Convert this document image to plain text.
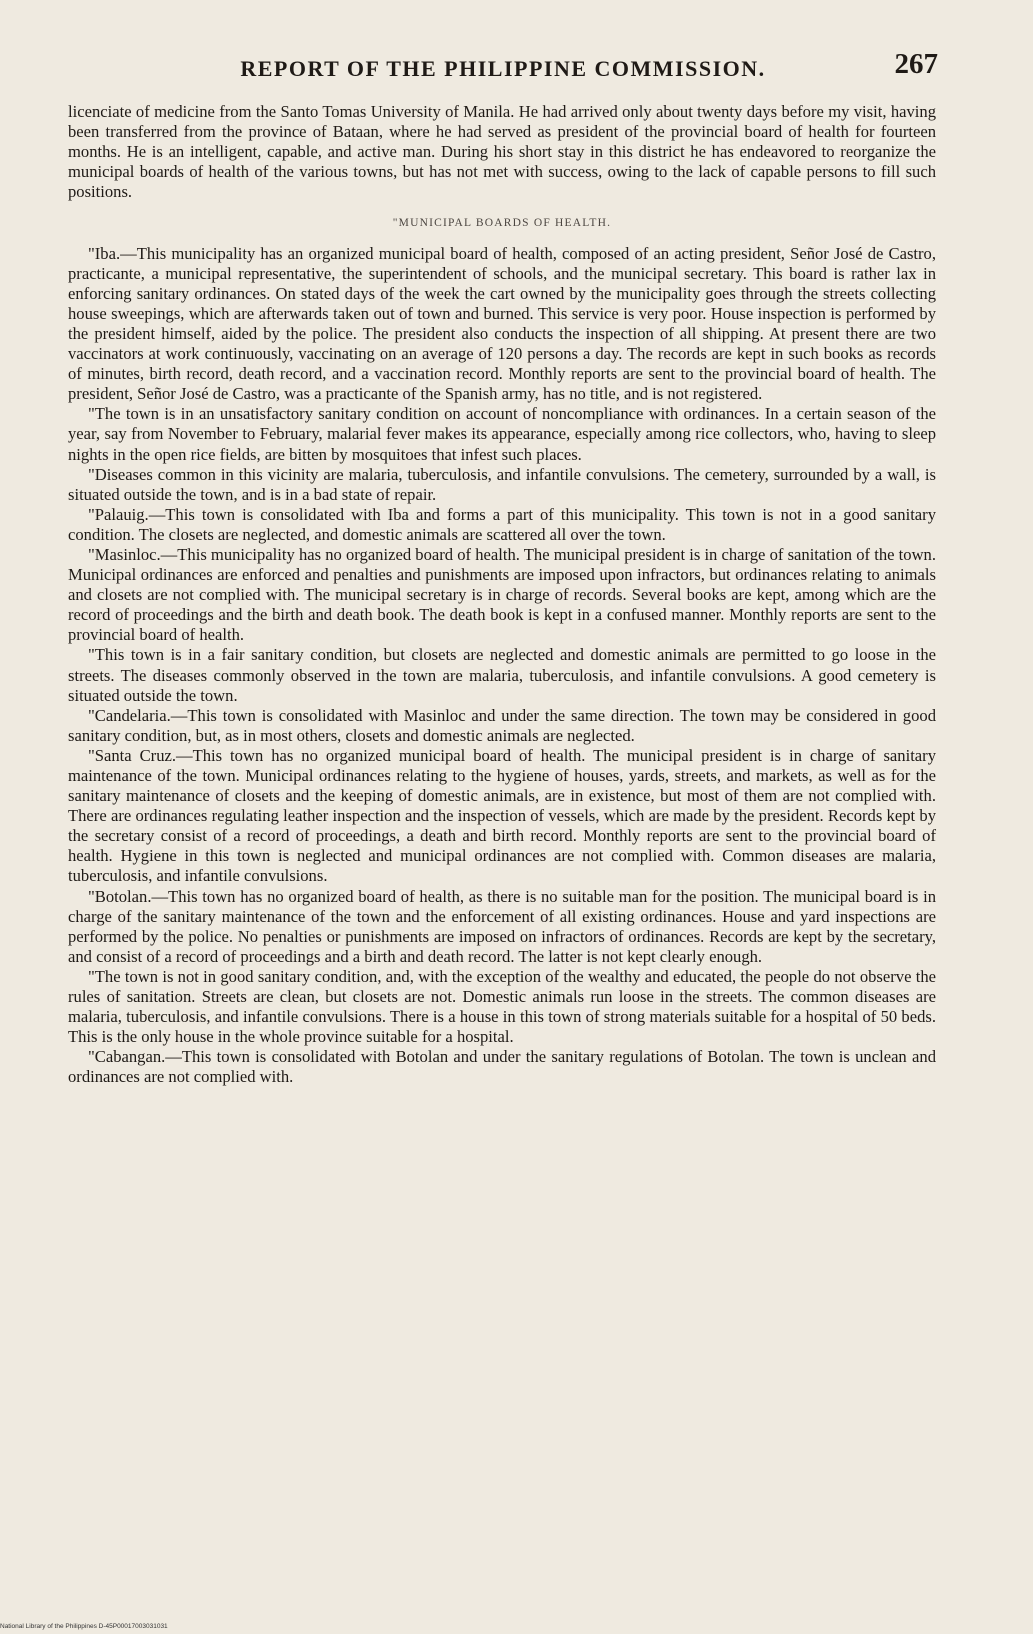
REPORT OF THE PHILIPPINE COMMISSION.	267

licenciate of medicine from the Santo Tomas University of Manila. He had arrived only about twenty days before my visit, having been transferred from the province of Bataan, where he had served as president of the provincial board of health for fourteen months. He is an intelligent, capable, and active man. During his short stay in this district he has endeavored to reorganize the municipal boards of health of the various towns, but has not met with success, owing to the lack of capable persons to fill such positions.

"MUNICIPAL BOARDS OF HEALTH.

"Iba.—This municipality has an organized municipal board of health, composed of an acting president, Señor José de Castro, practicante, a municipal representative, the superintendent of schools, and the municipal secretary. This board is rather lax in enforcing sanitary ordinances. On stated days of the week the cart owned by the municipality goes through the streets collecting house sweepings, which are afterwards taken out of town and burned. This service is very poor. House inspection is performed by the president himself, aided by the police. The president also conducts the inspection of all shipping. At present there are two vaccinators at work continuously, vaccinating on an average of 120 persons a day. The records are kept in such books as records of minutes, birth record, death record, and a vaccination record. Monthly reports are sent to the provincial board of health. The president, Señor José de Castro, was a practicante of the Spanish army, has no title, and is not registered.

"The town is in an unsatisfactory sanitary condition on account of noncompliance with ordinances. In a certain season of the year, say from November to February, malarial fever makes its appearance, especially among rice collectors, who, having to sleep nights in the open rice fields, are bitten by mosquitoes that infest such places.

"Diseases common in this vicinity are malaria, tuberculosis, and infantile convulsions. The cemetery, surrounded by a wall, is situated outside the town, and is in a bad state of repair.

"Palauig.—This town is consolidated with Iba and forms a part of this municipality. This town is not in a good sanitary condition. The closets are neglected, and domestic animals are scattered all over the town.

"Masinloc.—This municipality has no organized board of health. The municipal president is in charge of sanitation of the town. Municipal ordinances are enforced and penalties and punishments are imposed upon infractors, but ordinances relating to animals and closets are not complied with. The municipal secretary is in charge of records. Several books are kept, among which are the record of proceedings and the birth and death book. The death book is kept in a confused manner. Monthly reports are sent to the provincial board of health.

"This town is in a fair sanitary condition, but closets are neglected and domestic animals are permitted to go loose in the streets. The diseases commonly observed in the town are malaria, tuberculosis, and infantile convulsions. A good cemetery is situated outside the town.

"Candelaria.—This town is consolidated with Masinloc and under the same direction. The town may be considered in good sanitary condition, but, as in most others, closets and domestic animals are neglected.

"Santa Cruz.—This town has no organized municipal board of health. The municipal president is in charge of sanitary maintenance of the town. Municipal ordinances relating to the hygiene of houses, yards, streets, and markets, as well as for the sanitary maintenance of closets and the keeping of domestic animals, are in existence, but most of them are not complied with. There are ordinances regulating leather inspection and the inspection of vessels, which are made by the president. Records kept by the secretary consist of a record of proceedings, a death and birth record. Monthly reports are sent to the provincial board of health. Hygiene in this town is neglected and municipal ordinances are not complied with. Common diseases are malaria, tuberculosis, and infantile convulsions.

"Botolan.—This town has no organized board of health, as there is no suitable man for the position. The municipal board is in charge of the sanitary maintenance of the town and the enforcement of all existing ordinances. House and yard inspections are performed by the police. No penalties or punishments are imposed on infractors of ordinances. Records are kept by the secretary, and consist of a record of proceedings and a birth and death record. The latter is not kept clearly enough.

"The town is not in good sanitary condition, and, with the exception of the wealthy and educated, the people do not observe the rules of sanitation. Streets are clean, but closets are not. Domestic animals run loose in the streets. The common diseases are malaria, tuberculosis, and infantile convulsions. There is a house in this town of strong materials suitable for a hospital of 50 beds. This is the only house in the whole province suitable for a hospital.

"Cabangan.—This town is consolidated with Botolan and under the sanitary regulations of Botolan. The town is unclean and ordinances are not complied with.

National Library of the Philippines D-45P00017003031031
